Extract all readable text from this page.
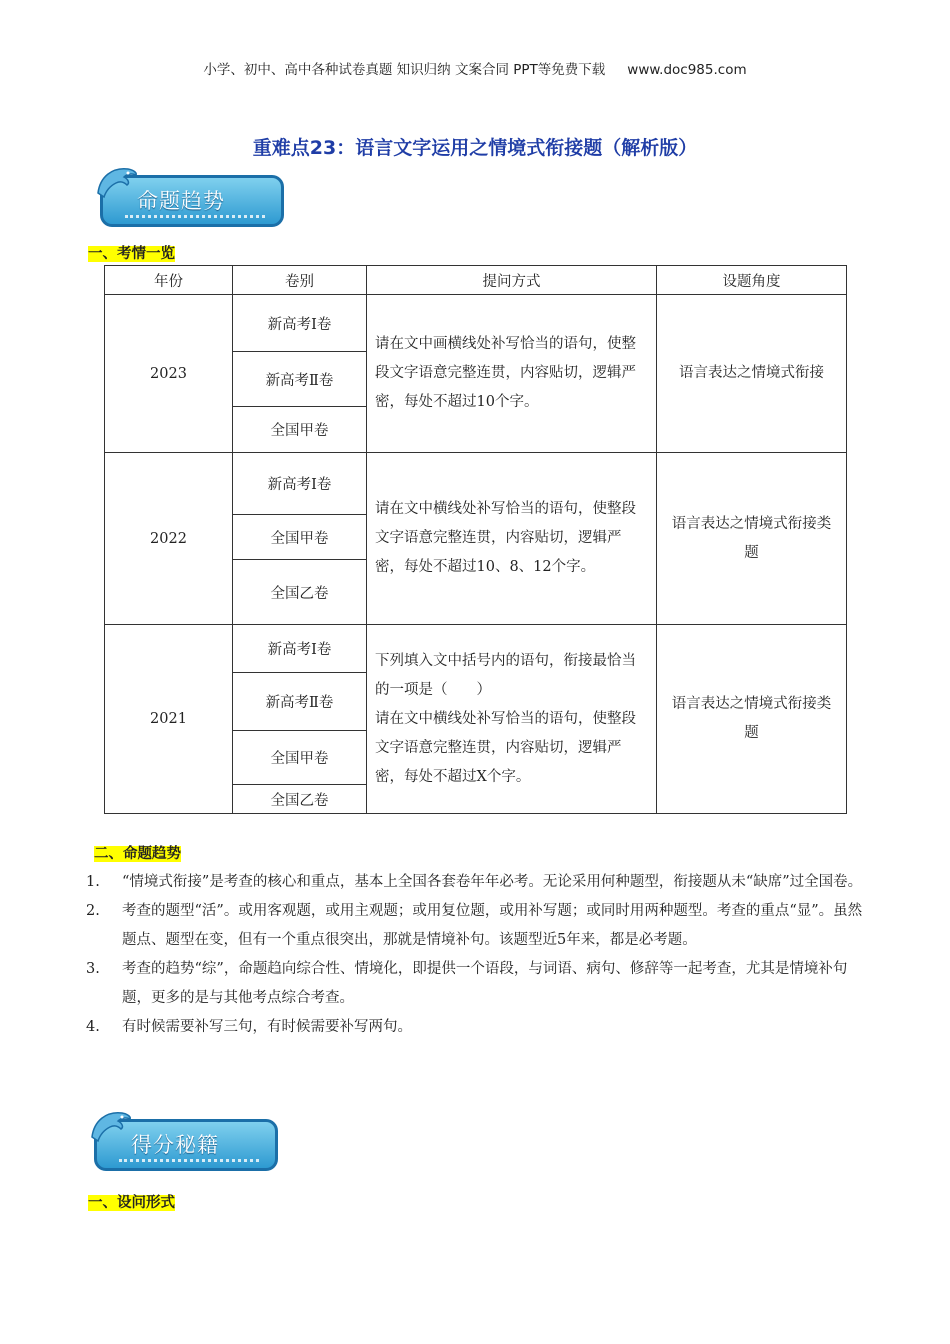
小学、初中、高中各种试卷真题 知识归纳 文案合同 PPT等免费下载 www.doc985.com
重难点23：语言文字运用之情境式衔接题（解析版）
命题趋势
一、考情一览
年份	卷别	提问方式	设题角度
2023	新高考Ⅰ卷	请在文中画横线处补写恰当的语句，使整段文字语意完整连贯，内容贴切，逻辑严密，每处不超过10个字。	语言表达之情境式衔接
	新高考Ⅱ卷		
	全国甲卷		
2022	新高考Ⅰ卷	请在文中横线处补写恰当的语句，使整段文字语意完整连贯，内容贴切，逻辑严密，每处不超过10、8、12个字。	语言表达之情境式衔接类题
	全国甲卷		
	全国乙卷		
2021	新高考Ⅰ卷	下列填入文中括号内的语句，衔接最恰当的一项是（　　）
请在文中横线处补写恰当的语句，使整段文字语意完整连贯，内容贴切，逻辑严密，每处不超过X个字。	语言表达之情境式衔接类题
	新高考Ⅱ卷		
	全国甲卷		
	全国乙卷		
二、命题趋势
1. “情境式衔接”是考查的核心和重点，基本上全国各套卷年年必考。无论采用何种题型，衔接题从未“缺席”过全国卷。
2. 考查的题型“活”。或用客观题，或用主观题；或用复位题，或用补写题；或同时用两种题型。考查的重点“显”。虽然题点、题型在变，但有一个重点很突出，那就是情境补句。该题型近5年来，都是必考题。
3. 考查的趋势“综”，命题趋向综合性、情境化，即提供一个语段，与词语、病句、修辞等一起考查，尤其是情境补句题，更多的是与其他考点综合考查。
4. 有时候需要补写三句，有时候需要补写两句。
得分秘籍
一、设问形式
